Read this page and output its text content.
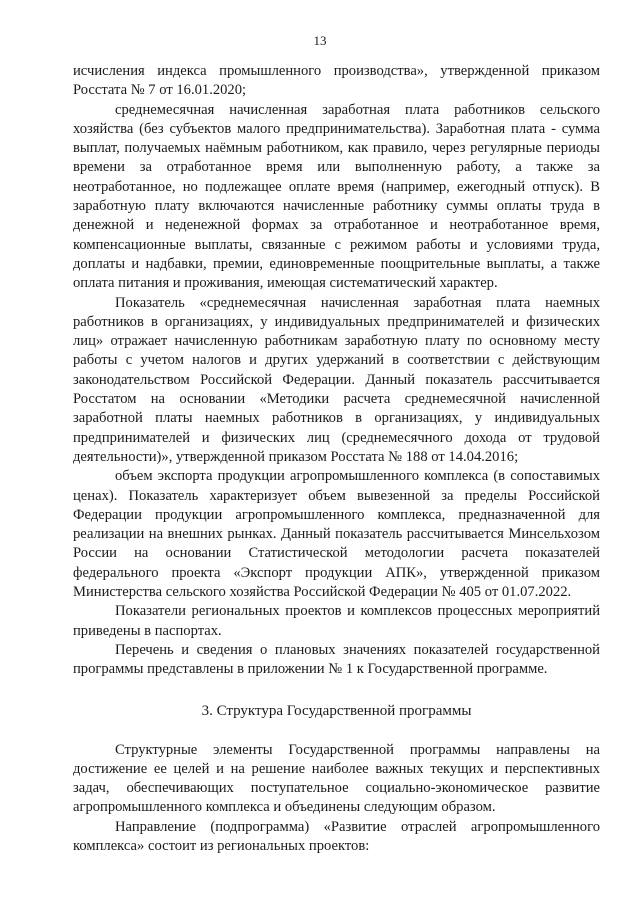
13

исчисления индекса промышленного производства», утвержденной приказом Росстата № 7 от 16.01.2020;

среднемесячная начисленная заработная плата работников сельского хозяйства (без субъектов малого предпринимательства). Заработная плата - сумма выплат, получаемых наёмным работником, как правило, через регулярные периоды времени за отработанное время или выполненную работу, а также за неотработанное, но подлежащее оплате время (например, ежегодный отпуск). В заработную плату включаются начисленные работнику суммы оплаты труда в денежной и неденежной формах за отработанное и неотработанное время, компенсационные выплаты, связанные с режимом работы и условиями труда, доплаты и надбавки, премии, единовременные поощрительные выплаты, а также оплата питания и проживания, имеющая систематический характер.

Показатель «среднемесячная начисленная заработная плата наемных работников в организациях, у индивидуальных предпринимателей и физических лиц» отражает начисленную работникам заработную плату по основному месту работы с учетом налогов и других удержаний в соответствии с действующим законодательством Российской Федерации. Данный показатель рассчитывается Росстатом на основании «Методики расчета среднемесячной начисленной заработной платы наемных работников в организациях, у индивидуальных предпринимателей и физических лиц (среднемесячного дохода от трудовой деятельности)», утвержденной приказом Росстата № 188 от 14.04.2016;

объем экспорта продукции агропромышленного комплекса (в сопоставимых ценах). Показатель характеризует объем вывезенной за пределы Российской Федерации продукции агропромышленного комплекса, предназначенной для реализации на внешних рынках. Данный показатель рассчитывается Минсельхозом России на основании Статистической методологии расчета показателей федерального проекта «Экспорт продукции АПК», утвержденной приказом Министерства сельского хозяйства Российской Федерации № 405 от 01.07.2022.

Показатели региональных проектов и комплексов процессных мероприятий приведены в паспортах.

Перечень и сведения о плановых значениях показателей государственной программы представлены в приложении № 1 к Государственной программе.

3. Структура Государственной программы

Структурные элементы Государственной программы направлены на достижение ее целей и на решение наиболее важных текущих и перспективных задач, обеспечивающих поступательное социально-экономическое развитие агропромышленного комплекса и объединены следующим образом.

Направление (подпрограмма) «Развитие отраслей агропромышленного комплекса» состоит из региональных проектов:
